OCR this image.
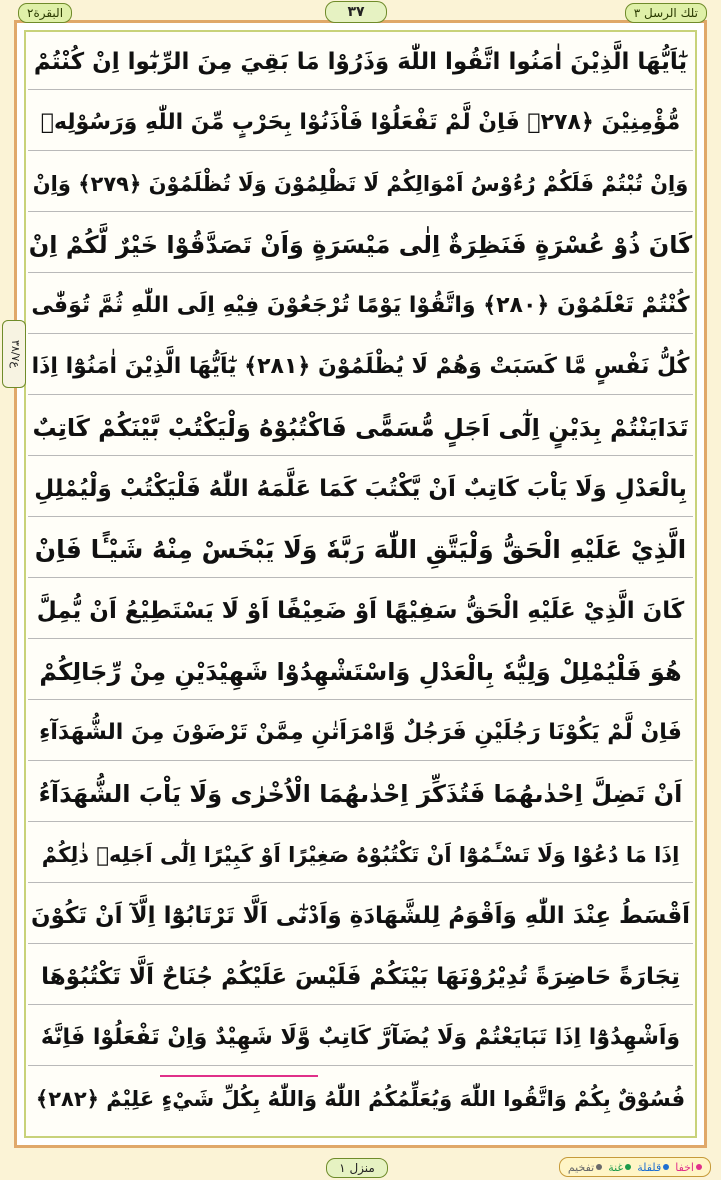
البقرة۲	۳۷	تلك الرسل ۳
ع۳۸/۷
يٰٓاَيُّهَا الَّذِيْنَ اٰمَنُوا اتَّقُوا اللّٰهَ وَذَرُوْا مَا بَقِيَ مِنَ الرِّبٰٓوا اِنْ كُنْتُمْ
مُّؤْمِنِيْنَ ﴿۲۷۸﴾ فَاِنْ لَّمْ تَفْعَلُوْا فَاْذَنُوْا بِحَرْبٍ مِّنَ اللّٰهِ وَرَسُوْلِهٖ
وَاِنْ تُبْتُمْ فَلَكُمْ رُءُوْسُ اَمْوَالِكُمْ لَا تَظْلِمُوْنَ وَلَا تُظْلَمُوْنَ ﴿۲۷۹﴾ وَاِنْ
كَانَ ذُوْ عُسْرَةٍ فَنَظِرَةٌ اِلٰى مَيْسَرَةٍ وَاَنْ تَصَدَّقُوْا خَيْرٌ لَّكُمْ اِنْ
كُنْتُمْ تَعْلَمُوْنَ ﴿۲۸۰﴾ وَاتَّقُوْا يَوْمًا تُرْجَعُوْنَ فِيْهِ اِلَى اللّٰهِ ثُمَّ تُوَفّٰى
كُلُّ نَفْسٍ مَّا كَسَبَتْ وَهُمْ لَا يُظْلَمُوْنَ ﴿۲۸۱﴾ يٰٓاَيُّهَا الَّذِيْنَ اٰمَنُوْٓا اِذَا
تَدَايَنْتُمْ بِدَيْنٍ اِلٰٓى اَجَلٍ مُّسَمًّى فَاكْتُبُوْهُ وَلْيَكْتُبْ بَّيْنَكُمْ كَاتِبٌ
بِالْعَدْلِ وَلَا يَاْبَ كَاتِبٌ اَنْ يَّكْتُبَ كَمَا عَلَّمَهُ اللّٰهُ فَلْيَكْتُبْ وَلْيُمْلِلِ
الَّذِيْ عَلَيْهِ الْحَقُّ وَلْيَتَّقِ اللّٰهَ رَبَّهٗ وَلَا يَبْخَسْ مِنْهُ شَيْـًٔا فَاِنْ
كَانَ الَّذِيْ عَلَيْهِ الْحَقُّ سَفِيْهًا اَوْ ضَعِيْفًا اَوْ لَا يَسْتَطِيْعُ اَنْ يُّمِلَّ
هُوَ فَلْيُمْلِلْ وَلِيُّهٗ بِالْعَدْلِ وَاسْتَشْهِدُوْا شَهِيْدَيْنِ مِنْ رِّجَالِكُمْ
فَاِنْ لَّمْ يَكُوْنَا رَجُلَيْنِ فَرَجُلٌ وَّامْرَاَتٰنِ مِمَّنْ تَرْضَوْنَ مِنَ الشُّهَدَآءِ
اَنْ تَضِلَّ اِحْدٰىهُمَا فَتُذَكِّرَ اِحْدٰىهُمَا الْاُخْرٰى وَلَا يَاْبَ الشُّهَدَآءُ
اِذَا مَا دُعُوْا وَلَا تَسْـَٔمُوْٓا اَنْ تَكْتُبُوْهُ صَغِيْرًا اَوْ كَبِيْرًا اِلٰٓى اَجَلِهٖ ذٰلِكُمْ
اَقْسَطُ عِنْدَ اللّٰهِ وَاَقْوَمُ لِلشَّهَادَةِ وَاَدْنٰٓى اَلَّا تَرْتَابُوْٓا اِلَّآ اَنْ تَكُوْنَ
تِجَارَةً حَاضِرَةً تُدِيْرُوْنَهَا بَيْنَكُمْ فَلَيْسَ عَلَيْكُمْ جُنَاحٌ اَلَّا تَكْتُبُوْهَا
وَاَشْهِدُوْٓا اِذَا تَبَايَعْتُمْ وَلَا يُضَآرَّ كَاتِبٌ وَّلَا شَهِيْدٌ وَاِنْ تَفْعَلُوْا فَاِنَّهٗ
فُسُوْقٌ بِكُمْ وَاتَّقُوا اللّٰهَ وَيُعَلِّمُكُمُ اللّٰهُ وَاللّٰهُ بِكُلِّ شَيْءٍ عَلِيْمٌ ﴿۲۸۲﴾
منزل ۱	اخفا
قلقلة
غنة
تفخيم
